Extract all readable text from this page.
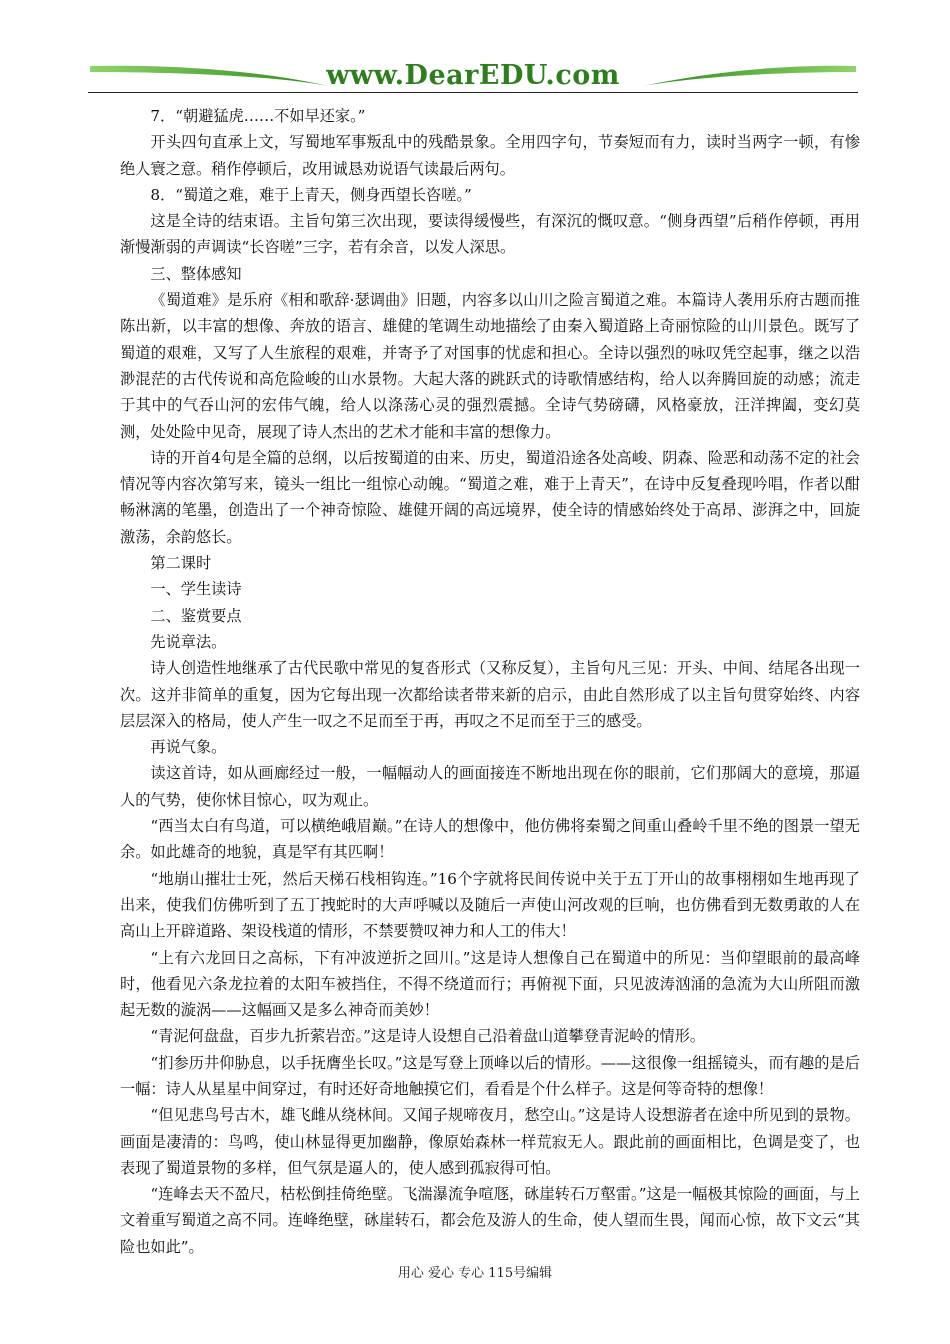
www.DearEDU.com

7．“朝避猛虎……不如早还家。”

开头四句直承上文，写蜀地军事叛乱中的残酷景象。全用四字句，节奏短而有力，读时当两字一顿，有惨绝人寰之意。稍作停顿后，改用诚恳劝说语气读最后两句。

8．“蜀道之难，难于上青天，侧身西望长咨嗟。”

这是全诗的结束语。主旨句第三次出现，要读得缓慢些，有深沉的慨叹意。“侧身西望”后稍作停顿，再用渐慢渐弱的声调读“长咨嗟”三字，若有余音，以发人深思。

三、整体感知

《蜀道难》是乐府《相和歌辞·瑟调曲》旧题，内容多以山川之险言蜀道之难。本篇诗人袭用乐府古题而推陈出新，以丰富的想像、奔放的语言、雄健的笔调生动地描绘了由秦入蜀道路上奇丽惊险的山川景色。既写了蜀道的艰难，又写了人生旅程的艰难，并寄予了对国事的忧虑和担心。全诗以强烈的咏叹凭空起事，继之以浩渺混茫的古代传说和高危险峻的山水景物。大起大落的跳跃式的诗歌情感结构，给人以奔腾回旋的动感；流走于其中的气吞山河的宏伟气魄，给人以涤荡心灵的强烈震撼。全诗气势磅礴，风格豪放，汪洋捭阖，变幻莫测，处处险中见奇，展现了诗人杰出的艺术才能和丰富的想像力。

诗的开首4句是全篇的总纲，以后按蜀道的由来、历史，蜀道沿途各处高峻、阴森、险恶和动荡不定的社会情况等内容次第写来，镜头一组比一组惊心动魄。“蜀道之难，难于上青天”，在诗中反复叠现吟唱，作者以酣畅淋漓的笔墨，创造出了一个神奇惊险、雄健开阔的高远境界，使全诗的情感始终处于高昂、澎湃之中，回旋激荡，余韵悠长。

第二课时

一、学生读诗

二、鉴赏要点

先说章法。

诗人创造性地继承了古代民歌中常见的复沓形式（又称反复），主旨句凡三见：开头、中间、结尾各出现一次。这并非简单的重复，因为它每出现一次都给读者带来新的启示，由此自然形成了以主旨句贯穿始终、内容层层深入的格局，使人产生一叹之不足而至于再，再叹之不足而至于三的感受。

再说气象。

读这首诗，如从画廊经过一般，一幅幅动人的画面接连不断地出现在你的眼前，它们那阔大的意境，那逼人的气势，使你怵目惊心，叹为观止。

“西当太白有鸟道，可以横绝峨眉巅。”在诗人的想像中，他仿佛将秦蜀之间重山叠岭千里不绝的图景一望无余。如此雄奇的地貌，真是罕有其匹啊！

“地崩山摧壮士死，然后天梯石栈相钩连。”16个字就将民间传说中关于五丁开山的故事栩栩如生地再现了出来，使我们仿佛听到了五丁拽蛇时的大声呼喊以及随后一声使山河改观的巨响，也仿佛看到无数勇敢的人在高山上开辟道路、架设栈道的情形，不禁要赞叹神力和人工的伟大！

“上有六龙回日之高标，下有冲波逆折之回川。”这是诗人想像自己在蜀道中的所见：当仰望眼前的最高峰时，他看见六条龙拉着的太阳车被挡住，不得不绕道而行；再俯视下面，只见波涛汹涌的急流为大山所阻而激起无数的漩涡——这幅画又是多么神奇而美妙！

“青泥何盘盘，百步九折萦岩峦。”这是诗人设想自己沿着盘山道攀登青泥岭的情形。

“扪参历井仰胁息，以手抚膺坐长叹。”这是写登上顶峰以后的情形。——这很像一组摇镜头，而有趣的是后一幅：诗人从星星中间穿过，有时还好奇地触摸它们，看看是个什么样子。这是何等奇特的想像！

“但见悲鸟号古木，雄飞雌从绕林间。又闻子规啼夜月，愁空山。”这是诗人设想游者在途中所见到的景物。画面是凄清的：鸟鸣，使山林显得更加幽静，像原始森林一样荒寂无人。跟此前的画面相比，色调是变了，也表现了蜀道景物的多样，但气氛是逼人的，使人感到孤寂得可怕。

“连峰去天不盈尺，枯松倒挂倚绝壁。飞湍瀑流争喧豗，砯崖转石万壑雷。”这是一幅极其惊险的画面，与上文着重写蜀道之高不同。连峰绝壁，砯崖转石，都会危及游人的生命，使人望而生畏，闻而心惊，故下文云“其险也如此”。

用心 爱心 专心 115号编辑
